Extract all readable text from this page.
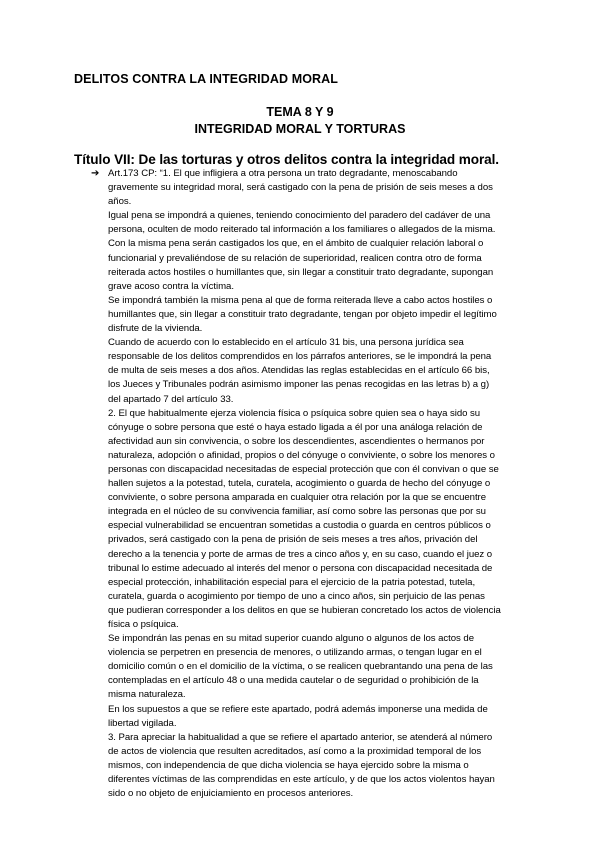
DELITOS CONTRA LA INTEGRIDAD MORAL
TEMA 8 Y 9
INTEGRIDAD MORAL Y TORTURAS
Título VII: De las torturas y otros delitos contra la integridad moral.
➔ Art.173 CP: “1. El que infligiera a otra persona un trato degradante, menoscabando
gravemente su integridad moral, será castigado con la pena de prisión de seis meses a dos
años.
Igual pena se impondrá a quienes, teniendo conocimiento del paradero del cadáver de una
persona, oculten de modo reiterado tal información a los familiares o allegados de la misma.
Con la misma pena serán castigados los que, en el ámbito de cualquier relación laboral o
funcionarial y prevaliéndose de su relación de superioridad, realicen contra otro de forma
reiterada actos hostiles o humillantes que, sin llegar a constituir trato degradante, supongan
grave acoso contra la víctima.
Se impondrá también la misma pena al que de forma reiterada lleve a cabo actos hostiles o
humillantes que, sin llegar a constituir trato degradante, tengan por objeto impedir el legítimo
disfrute de la vivienda.
Cuando de acuerdo con lo establecido en el artículo 31 bis, una persona jurídica sea
responsable de los delitos comprendidos en los párrafos anteriores, se le impondrá la pena
de multa de seis meses a dos años. Atendidas las reglas establecidas en el artículo 66 bis,
los Jueces y Tribunales podrán asimismo imponer las penas recogidas en las letras b) a g)
del apartado 7 del artículo 33.
2. El que habitualmente ejerza violencia física o psíquica sobre quien sea o haya sido su
cónyuge o sobre persona que esté o haya estado ligada a él por una análoga relación de
afectividad aun sin convivencia, o sobre los descendientes, ascendientes o hermanos por
naturaleza, adopción o afinidad, propios o del cónyuge o conviviente, o sobre los menores o
personas con discapacidad necesitadas de especial protección que con él convivan o que se
hallen sujetos a la potestad, tutela, curatela, acogimiento o guarda de hecho del cónyuge o
conviviente, o sobre persona amparada en cualquier otra relación por la que se encuentre
integrada en el núcleo de su convivencia familiar, así como sobre las personas que por su
especial vulnerabilidad se encuentran sometidas a custodia o guarda en centros públicos o
privados, será castigado con la pena de prisión de seis meses a tres años, privación del
derecho a la tenencia y porte de armas de tres a cinco años y, en su caso, cuando el juez o
tribunal lo estime adecuado al interés del menor o persona con discapacidad necesitada de
especial protección, inhabilitación especial para el ejercicio de la patria potestad, tutela,
curatela, guarda o acogimiento por tiempo de uno a cinco años, sin perjuicio de las penas
que pudieran corresponder a los delitos en que se hubieran concretado los actos de violencia
física o psíquica.
Se impondrán las penas en su mitad superior cuando alguno o algunos de los actos de
violencia se perpetren en presencia de menores, o utilizando armas, o tengan lugar en el
domicilio común o en el domicilio de la víctima, o se realicen quebrantando una pena de las
contempladas en el artículo 48 o una medida cautelar o de seguridad o prohibición de la
misma naturaleza.
En los supuestos a que se refiere este apartado, podrá además imponerse una medida de
libertad vigilada.
3. Para apreciar la habitualidad a que se refiere el apartado anterior, se atenderá al número
de actos de violencia que resulten acreditados, así como a la proximidad temporal de los
mismos, con independencia de que dicha violencia se haya ejercido sobre la misma o
diferentes víctimas de las comprendidas en este artículo, y de que los actos violentos hayan
sido o no objeto de enjuiciamiento en procesos anteriores.
